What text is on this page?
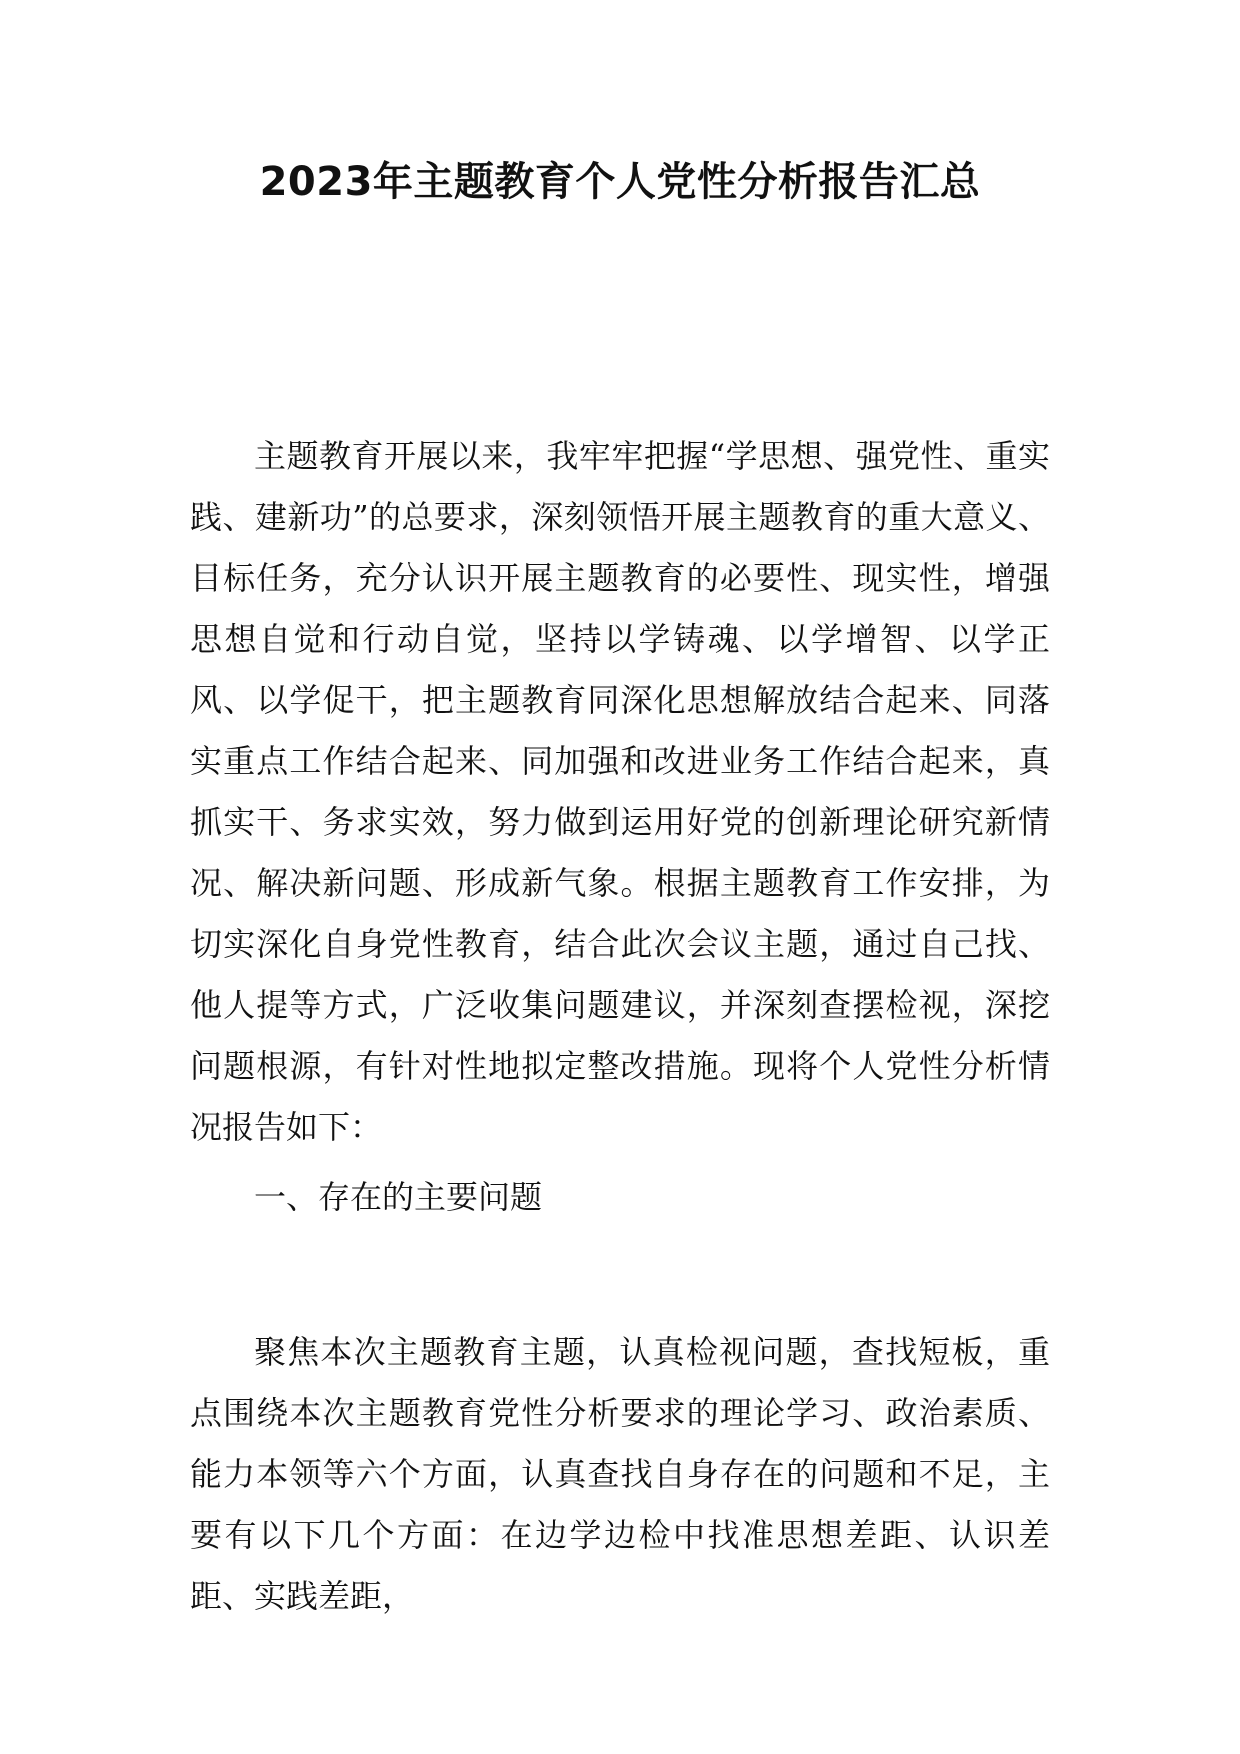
2023年主题教育个人党性分析报告汇总

主题教育开展以来，我牢牢把握“学思想、强党性、重实践、建新功”的总要求，深刻领悟开展主题教育的重大意义、目标任务，充分认识开展主题教育的必要性、现实性，增强思想自觉和行动自觉，坚持以学铸魂、以学增智、以学正风、以学促干，把主题教育同深化思想解放结合起来、同落实重点工作结合起来、同加强和改进业务工作结合起来，真抓实干、务求实效，努力做到运用好党的创新理论研究新情况、解决新问题、形成新气象。根据主题教育工作安排，为切实深化自身党性教育，结合此次会议主题，通过自己找、他人提等方式，广泛收集问题建议，并深刻查摆检视，深挖问题根源，有针对性地拟定整改措施。现将个人党性分析情况报告如下：

一、存在的主要问题

聚焦本次主题教育主题，认真检视问题，查找短板，重点围绕本次主题教育党性分析要求的理论学习、政治素质、能力本领等六个方面，认真查找自身存在的问题和不足，主要有以下几个方面：在边学边检中找准思想差距、认识差距、实践差距，
